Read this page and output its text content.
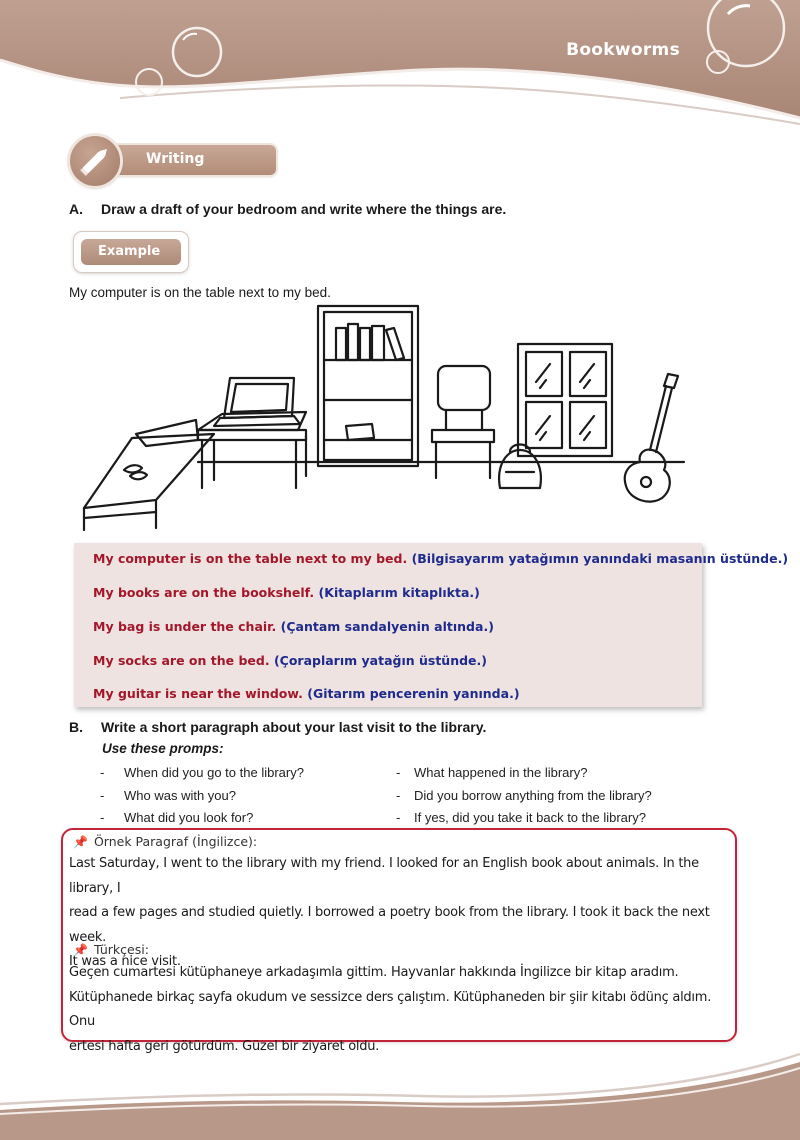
Bookworms
Writing
A. Draw a draft of your bedroom and write where the things are.
Example
My computer is on the table next to my bed.
My computer is on the table next to my bed. (Bilgisayarım yatağımın yanındaki masanın üstünde.)
My books are on the bookshelf. (Kitaplarım kitaplıkta.)
My bag is under the chair. (Çantam sandalyenin altında.)
My socks are on the bed. (Çoraplarım yatağın üstünde.)
My guitar is near the window. (Gitarım pencerenin yanında.)
B. Write a short paragraph about your last visit to the library.
Use these promps:
- When did you go to the library?
- Who was with you?
- What did you look for?
- What happened in the library?
- Did you borrow anything from the library?
- If yes, did you take it back to the library?
📌 Örnek Paragraf (İngilizce):
Last Saturday, I went to the library with my friend. I looked for an English book about animals. In the library, I
read a few pages and studied quietly. I borrowed a poetry book from the library. I took it back the next week.
It was a nice visit.
📌 Türkçesi:
Geçen cumartesi kütüphaneye arkadaşımla gittim. Hayvanlar hakkında İngilizce bir kitap aradım.
Kütüphanede birkaç sayfa okudum ve sessizce ders çalıştım. Kütüphaneden bir şiir kitabı ödünç aldım. Onu
ertesi hafta geri götürdüm. Güzel bir ziyaret oldu.
